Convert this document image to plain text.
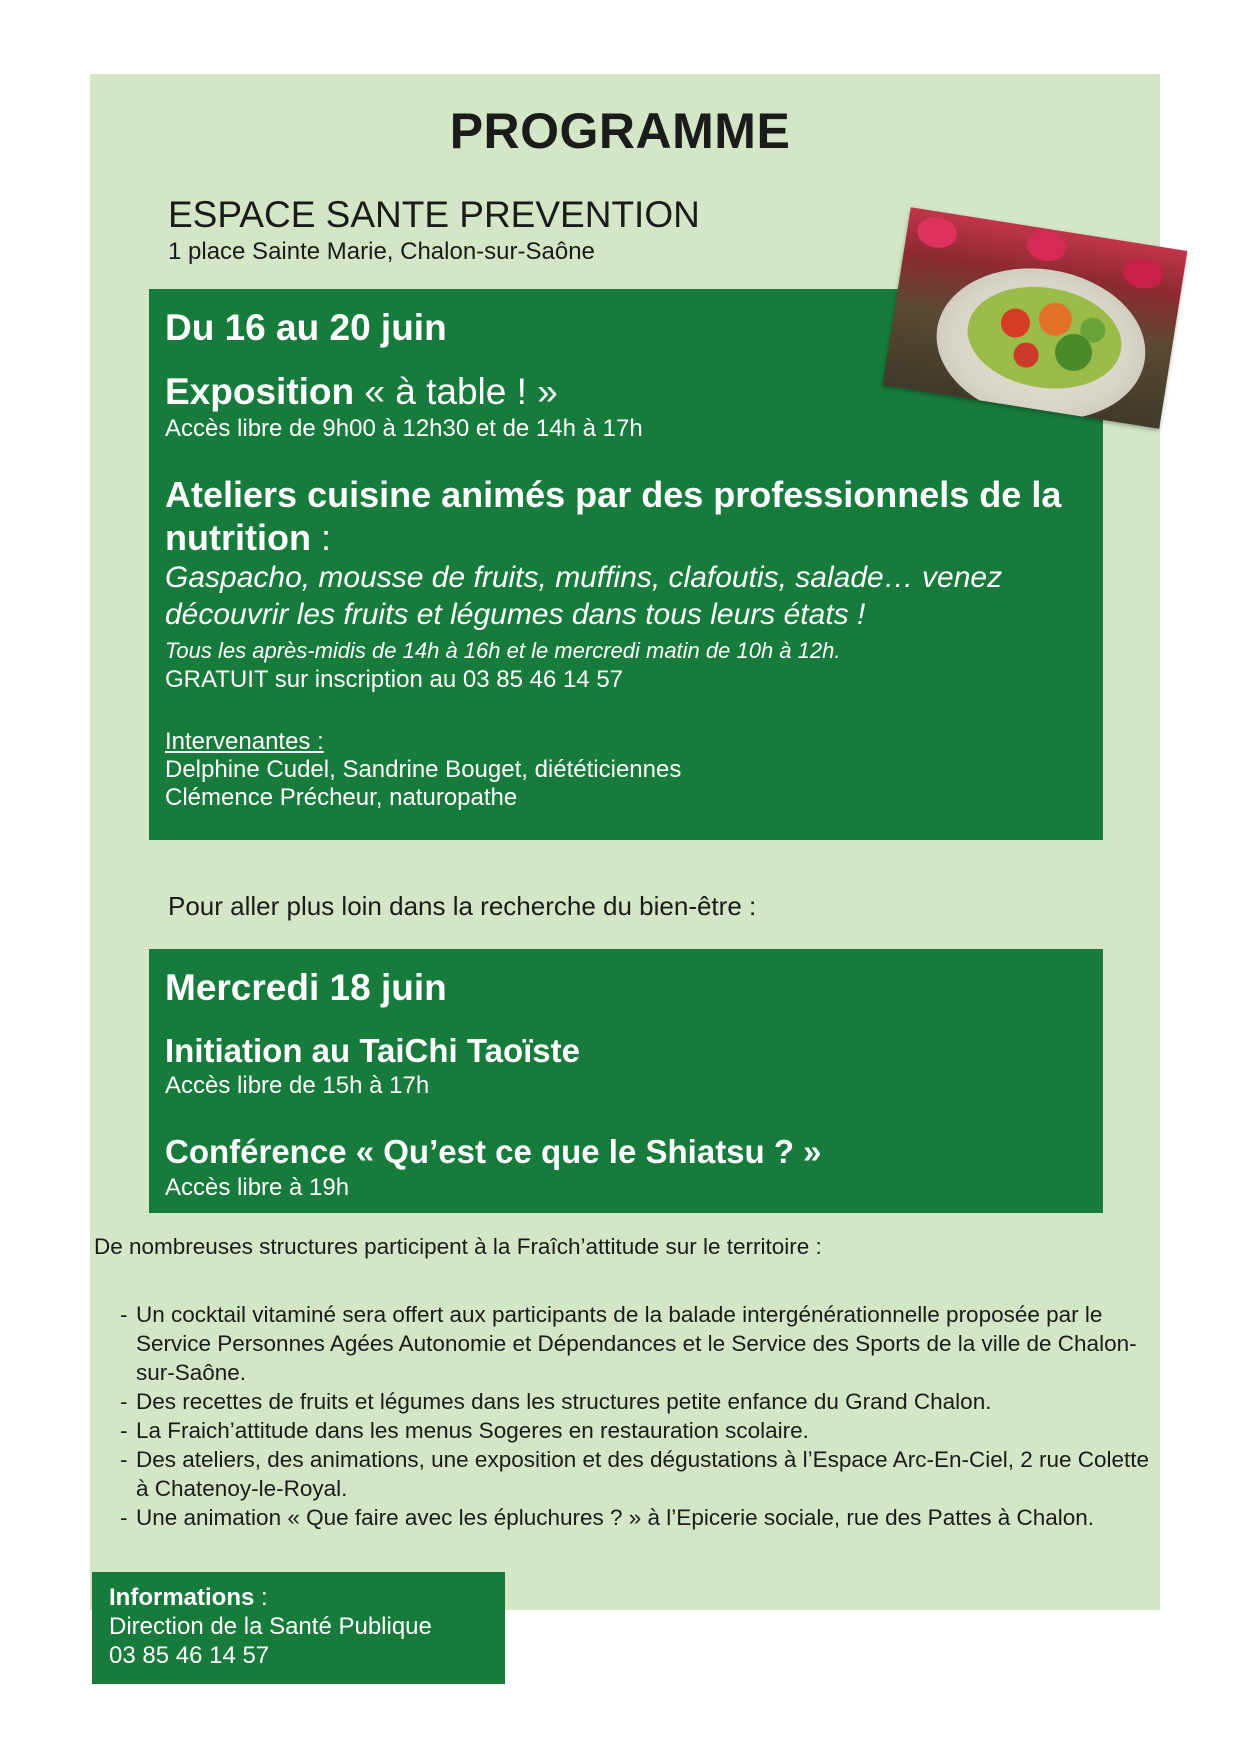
PROGRAMME
ESPACE SANTE PREVENTION
1 place Sainte Marie, Chalon-sur-Saône
Du 16 au 20 juin
Exposition « à table ! »
Accès libre de 9h00 à 12h30 et de 14h à 17h
Ateliers cuisine animés par des professionnels de la nutrition :
Gaspacho, mousse de fruits, muffins, clafoutis, salade… venez découvrir les fruits et légumes dans tous leurs états !
Tous les après-midis de 14h à 16h et le mercredi matin de 10h à 12h.
GRATUIT sur inscription au 03 85 46 14 57
Intervenantes :
Delphine Cudel, Sandrine Bouget, diététiciennes
Clémence Précheur, naturopathe
Pour aller plus loin dans la recherche du bien-être :
Mercredi 18 juin
Initiation au TaiChi Taoïste
Accès libre de 15h à 17h
Conférence « Qu’est ce que le Shiatsu ? »
Accès libre à 19h
De nombreuses structures participent à la Fraîch’attitude sur le territoire :
- Un cocktail vitaminé sera offert aux participants de la balade intergénérationnelle proposée par le Service Personnes Agées Autonomie et Dépendances et le Service des Sports de la ville de Chalon-sur-Saône.
- Des recettes de fruits et légumes dans les structures petite enfance du Grand Chalon.
- La Fraich’attitude dans les menus Sogeres en restauration scolaire.
- Des ateliers, des animations, une exposition et des dégustations à l’Espace Arc-En-Ciel, 2 rue Colette à Chatenoy-le-Royal.
- Une animation « Que faire avec les épluchures ? » à l’Epicerie sociale, rue des Pattes à Chalon.
Informations :
Direction de la Santé Publique
03 85 46 14 57
